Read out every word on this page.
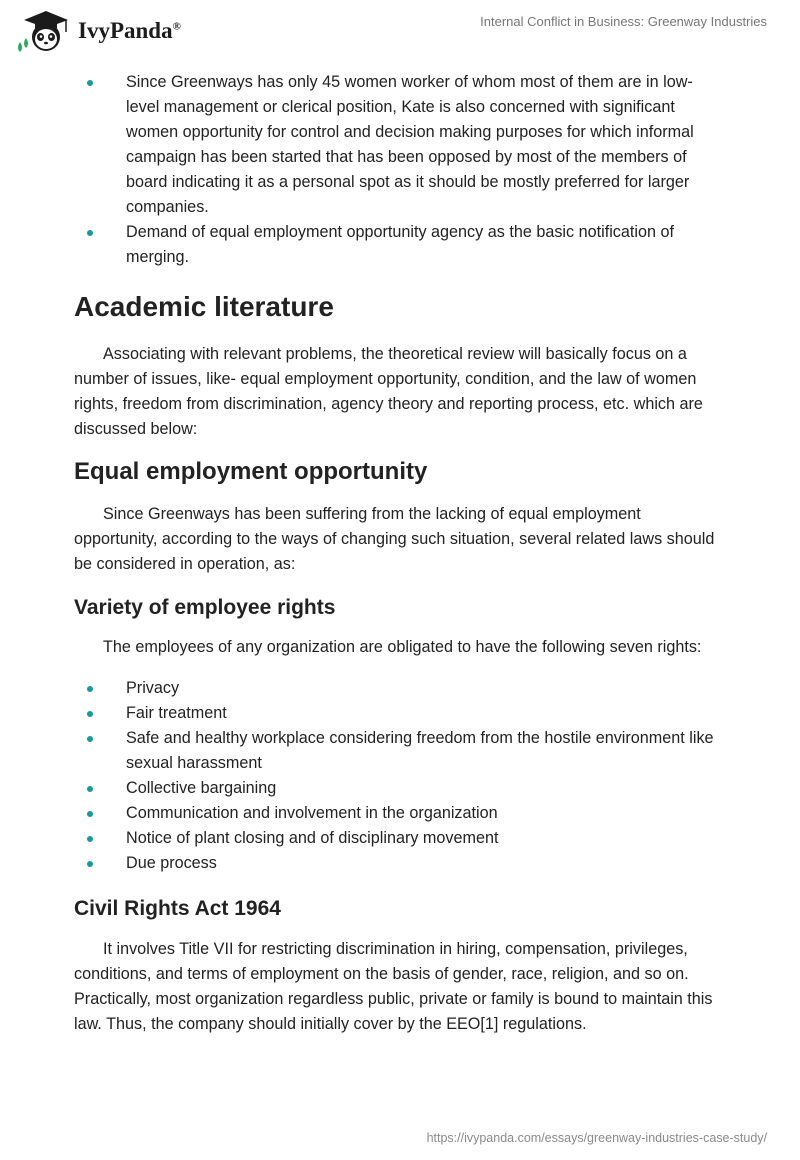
IvyPanda®	Internal Conflict in Business: Greenway Industries
Since Greenways has only 45 women worker of whom most of them are in low-level management or clerical position, Kate is also concerned with significant women opportunity for control and decision making purposes for which informal campaign has been started that has been opposed by most of the members of board indicating it as a personal spot as it should be mostly preferred for larger companies.
Demand of equal employment opportunity agency as the basic notification of merging.
Academic literature

Associating with relevant problems, the theoretical review will basically focus on a number of issues, like- equal employment opportunity, condition, and the law of women rights, freedom from discrimination, agency theory and reporting process, etc. which are discussed below:

Equal employment opportunity

Since Greenways has been suffering from the lacking of equal employment opportunity, according to the ways of changing such situation, several related laws should be considered in operation, as:

Variety of employee rights

The employees of any organization are obligated to have the following seven rights:

Privacy
Fair treatment
Safe and healthy workplace considering freedom from the hostile environment like sexual harassment
Collective bargaining
Communication and involvement in the organization
Notice of plant closing and of disciplinary movement
Due process
Civil Rights Act 1964

It involves Title VII for restricting discrimination in hiring, compensation, privileges, conditions, and terms of employment on the basis of gender, race, religion, and so on. Practically, most organization regardless public, private or family is bound to maintain this law. Thus, the company should initially cover by the EEO[1] regulations.

https://ivypanda.com/essays/greenway-industries-case-study/
